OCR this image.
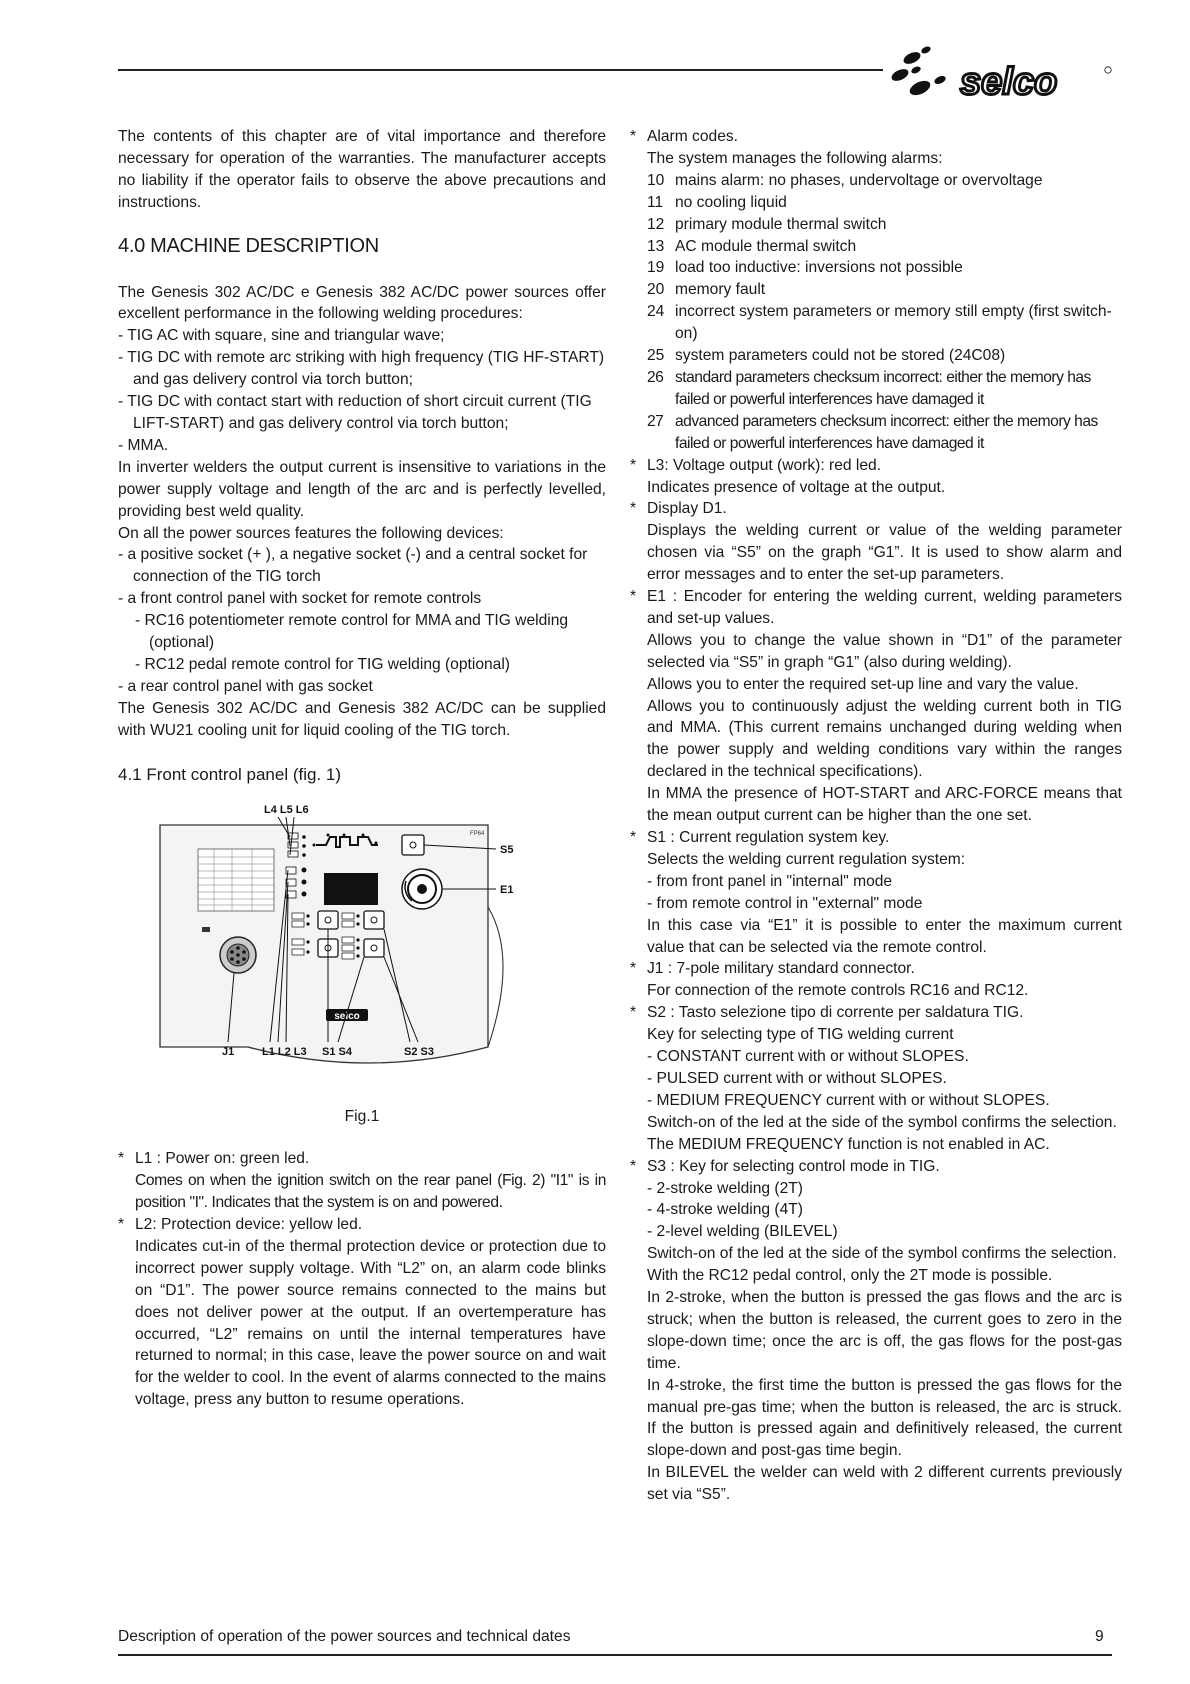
selco

The contents of this chapter are of vital importance and therefore necessary for operation of the warranties. The manufacturer accepts no liability if the operator fails to observe the above precautions and instructions.

4.0 MACHINE DESCRIPTION

The Genesis 302 AC/DC e Genesis 382 AC/DC power sources offer excellent performance in the following welding procedures:

- TIG AC with square, sine and triangular wave;
- TIG DC with remote arc striking with high frequency (TIG HF-START) and gas delivery control via torch button;
- TIG DC with contact start with reduction of short circuit current (TIG LIFT-START) and gas delivery control via torch button;
- MMA.

In inverter welders the output current is insensitive to variations in the power supply voltage and length of the arc and is perfectly levelled, providing best weld quality.

On all the power sources features the following devices:

- a positive socket (+ ), a negative socket (-) and a central socket for connection of the TIG torch
- a front control panel with socket for remote controls
- RC16 potentiometer remote control for MMA and TIG welding (optional)
- RC12 pedal remote control for TIG welding (optional)
- a rear control panel with gas socket

The Genesis 302 AC/DC and Genesis 382 AC/DC can be supplied with WU21 cooling unit for liquid cooling of the TIG torch.

4.1 Front control panel (fig. 1)
selco
FP64
L4 L5 L6
S5
E1
J1	L1 L2 L3 S1 S4	S2 S3
Fig.1
* L1 : Power on: green led.
Comes on when the ignition switch on the rear panel (Fig. 2) "I1" is in position "I". Indicates that the system is on and powered.
* L2: Protection device: yellow led.
Indicates cut-in of the thermal protection device or protection due to incorrect power supply voltage. With “L2” on, an alarm code blinks on “D1”. The power source remains connected to the mains but does not deliver power at the output. If an overtemperature has occurred, “L2” remains on until the internal temperatures have returned to normal; in this case, leave the power source on and wait for the welder to cool. In the event of alarms connected to the mains voltage, press any button to resume operations.
* Alarm codes.
The system manages the following alarms:
10 mains alarm: no phases, undervoltage or overvoltage
11 no cooling liquid
12 primary module thermal switch
13 AC module thermal switch
19 load too inductive: inversions not possible
20 memory fault
24 incorrect system parameters or memory still empty (first switch-on)
25 system parameters could not be stored (24C08)
26 standard parameters checksum incorrect: either the memory has failed or powerful interferences have damaged it
27 advanced parameters checksum incorrect: either the memory has failed or powerful interferences have damaged it
* L3: Voltage output (work): red led.
Indicates presence of voltage at the output.
* Display D1.
Displays the welding current or value of the welding parameter chosen via “S5” on the graph “G1”. It is used to show alarm and error messages and to enter the set-up parameters.
* E1 : Encoder for entering the welding current, welding parameters and set-up values.
Allows you to change the value shown in “D1” of the parameter selected via “S5” in graph “G1” (also during welding).
Allows you to enter the required set-up line and vary the value.
Allows you to continuously adjust the welding current both in TIG and MMA. (This current remains unchanged during welding when the power supply and welding conditions vary within the ranges declared in the technical specifications).
In MMA the presence of HOT-START and ARC-FORCE means that the mean output current can be higher than the one set.
* S1 : Current regulation system key.
Selects the welding current regulation system:
- from front panel in "internal" mode
- from remote control in "external" mode
In this case via “E1” it is possible to enter the maximum current value that can be selected via the remote control.
* J1 : 7-pole military standard connector.
For connection of the remote controls RC16 and RC12.
* S2 : Tasto selezione tipo di corrente per saldatura TIG.
Key for selecting type of TIG welding current
- CONSTANT current with or without SLOPES.
- PULSED current with or without SLOPES.
- MEDIUM FREQUENCY current with or without SLOPES.
Switch-on of the led at the side of the symbol confirms the selection.
The MEDIUM FREQUENCY function is not enabled in AC.
* S3 : Key for selecting control mode in TIG.
- 2-stroke welding (2T)
- 4-stroke welding (4T)
- 2-level welding (BILEVEL)
Switch-on of the led at the side of the symbol confirms the selection.
With the RC12 pedal control, only the 2T mode is possible.
In 2-stroke, when the button is pressed the gas flows and the arc is struck; when the button is released, the current goes to zero in the slope-down time; once the arc is off, the gas flows for the post-gas time.
In 4-stroke, the first time the button is pressed the gas flows for the manual pre-gas time; when the button is released, the arc is struck. If the button is pressed again and definitively released, the current slope-down and post-gas time begin.
In BILEVEL the welder can weld with 2 different currents previously set via “S5”.
Description of operation of the power sources and technical dates	9
